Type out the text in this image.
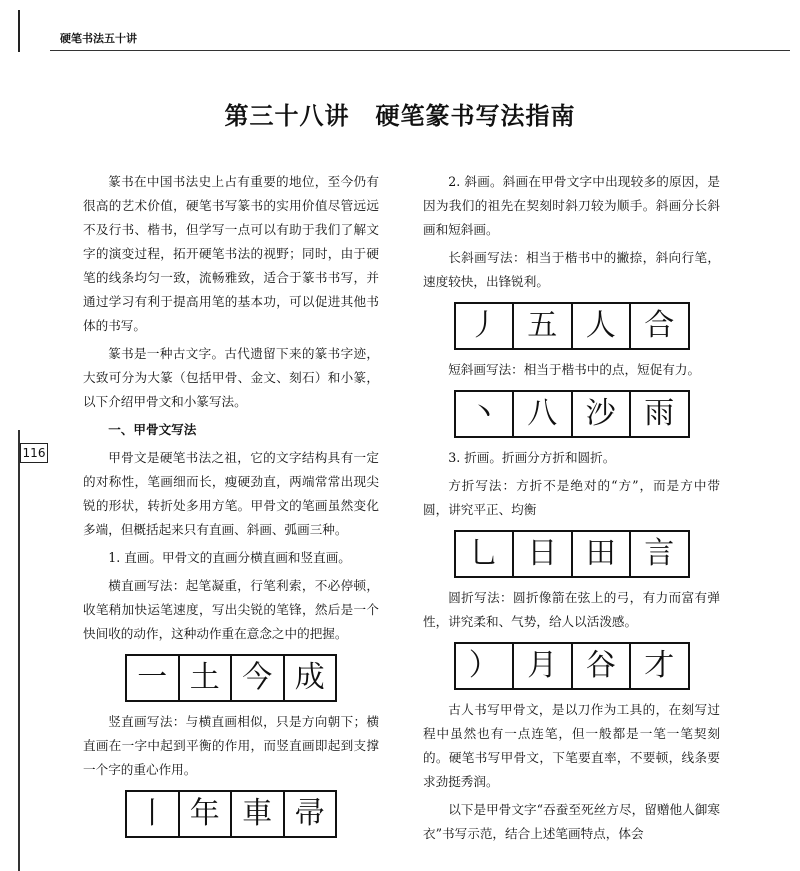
硬笔书法五十讲
第三十八讲 硬笔篆书写法指南
116

篆书在中国书法史上占有重要的地位，至今仍有很高的艺术价值，硬笔书写篆书的实用价值尽管远远不及行书、楷书，但学写一点可以有助于我们了解文字的演变过程，拓开硬笔书法的视野；同时，由于硬笔的线条均匀一致，流畅雅致，适合于篆书书写，并通过学习有利于提高用笔的基本功，可以促进其他书体的书写。

篆书是一种古文字。古代遗留下来的篆书字迹，大致可分为大篆（包括甲骨、金文、刻石）和小篆，以下介绍甲骨文和小篆写法。

一、甲骨文写法

甲骨文是硬笔书法之祖，它的文字结构具有一定的对称性，笔画细而长，瘦硬劲直，两端常常出现尖锐的形状，转折处多用方笔。甲骨文的笔画虽然变化多端，但概括起来只有直画、斜画、弧画三种。

1. 直画。甲骨文的直画分横直画和竖直画。

横直画写法：起笔凝重，行笔利索，不必停顿，收笔稍加快运笔速度，写出尖锐的笔锋，然后是一个快间收的动作，这种动作重在意念之中的把握。

一 土 今 成

竖直画写法：与横直画相似，只是方向朝下；横直画在一字中起到平衡的作用，而竖直画即起到支撑一个字的重心作用。

丨 年 車 帚

2. 斜画。斜画在甲骨文字中出现较多的原因，是因为我们的祖先在契刻时斜刀较为顺手。斜画分长斜画和短斜画。

长斜画写法：相当于楷书中的撇捺，斜向行笔，速度较快，出锋锐利。

丿 五 人 合

短斜画写法：相当于楷书中的点，短促有力。

丶 八 沙 雨

3. 折画。折画分方折和圆折。

方折写法：方折不是绝对的“方”，而是方中带圆，讲究平正、均衡

乚 日 田 言

圆折写法：圆折像箭在弦上的弓，有力而富有弹性，讲究柔和、气势，给人以活泼感。

） 月 谷 才

古人书写甲骨文，是以刀作为工具的，在刻写过程中虽然也有一点连笔，但一般都是一笔一笔契刻的。硬笔书写甲骨文，下笔要直率，不要顿，线条要求劲挺秀润。

以下是甲骨文字“吞蚕至死丝方尽，留赠他人御寒衣”书写示范，结合上述笔画特点，体会
